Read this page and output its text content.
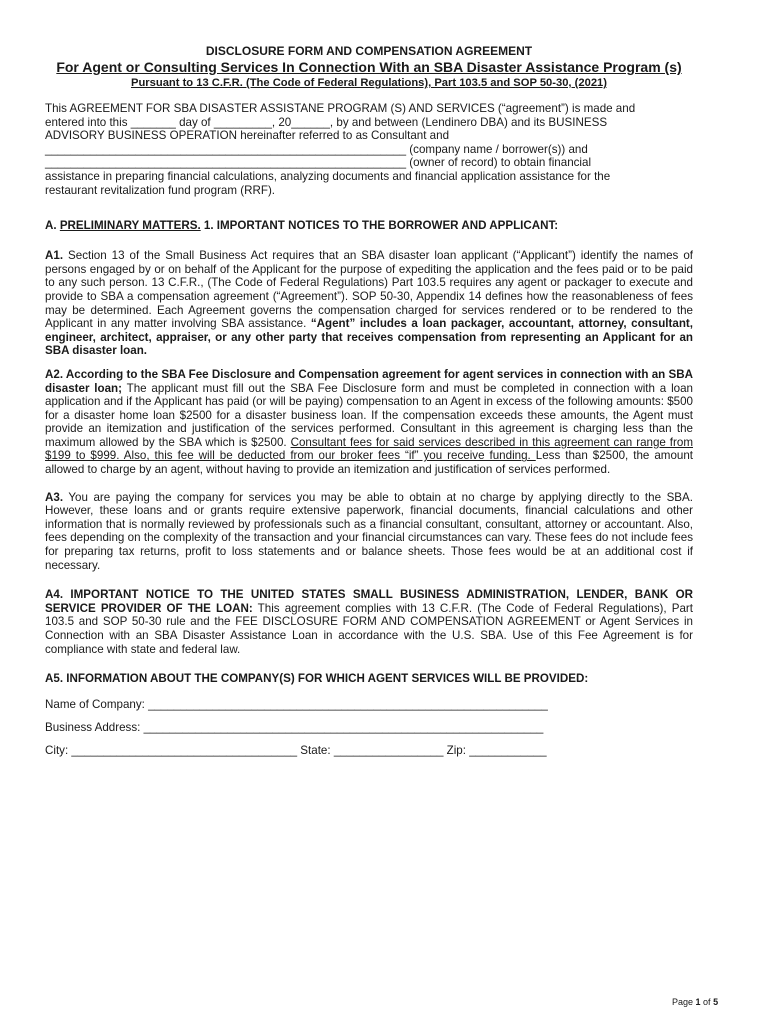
DISCLOSURE FORM AND COMPENSATION AGREEMENT
For Agent or Consulting Services In Connection With an SBA Disaster Assistance Program (s)
Pursuant to 13 C.F.R. (The Code of Federal Regulations), Part 103.5 and SOP 50-30, (2021)

This AGREEMENT FOR SBA DISASTER ASSISTANE PROGRAM (S) AND SERVICES (“agreement”) is made and
entered into this _______ day of _________, 20______, by and between (Lendinero DBA) and its BUSINESS
ADVISORY BUSINESS OPERATION hereinafter referred to as Consultant and
________________________________________________________ (company name / borrower(s)) and
________________________________________________________ (owner of record) to obtain financial
assistance in preparing financial calculations, analyzing documents and financial application assistance for the
restaurant revitalization fund program (RRF).

A. PRELIMINARY MATTERS. 1. IMPORTANT NOTICES TO THE BORROWER AND APPLICANT:

A1. Section 13 of the Small Business Act requires that an SBA disaster loan applicant (“Applicant”) identify the names of persons engaged by or on behalf of the Applicant for the purpose of expediting the application and the fees paid or to be paid to any such person. 13 C.F.R., (The Code of Federal Regulations) Part 103.5 requires any agent or packager to execute and provide to SBA a compensation agreement (“Agreement”). SOP 50-30, Appendix 14 defines how the reasonableness of fees may be determined. Each Agreement governs the compensation charged for services rendered or to be rendered to the Applicant in any matter involving SBA assistance. “Agent” includes a loan packager, accountant, attorney, consultant, engineer, architect, appraiser, or any other party that receives compensation from representing an Applicant for an SBA disaster loan.

A2. According to the SBA Fee Disclosure and Compensation agreement for agent services in connection with an SBA disaster loan; The applicant must fill out the SBA Fee Disclosure form and must be completed in connection with a loan application and if the Applicant has paid (or will be paying) compensation to an Agent in excess of the following amounts: $500 for a disaster home loan $2500 for a disaster business loan. If the compensation exceeds these amounts, the Agent must provide an itemization and justification of the services performed. Consultant in this agreement is charging less than the maximum allowed by the SBA which is $2500. Consultant fees for said services described in this agreement can range from $199 to $999. Also, this fee will be deducted from our broker fees “if” you receive funding. Less than $2500, the amount allowed to charge by an agent, without having to provide an itemization and justification of services performed.

A3. You are paying the company for services you may be able to obtain at no charge by applying directly to the SBA. However, these loans and or grants require extensive paperwork, financial documents, financial calculations and other information that is normally reviewed by professionals such as a financial consultant, consultant, attorney or accountant. Also, fees depending on the complexity of the transaction and your financial circumstances can vary. These fees do not include fees for preparing tax returns, profit to loss statements and or balance sheets. Those fees would be at an additional cost if necessary.

A4. IMPORTANT NOTICE TO THE UNITED STATES SMALL BUSINESS ADMINISTRATION, LENDER, BANK OR SERVICE PROVIDER OF THE LOAN: This agreement complies with 13 C.F.R. (The Code of Federal Regulations), Part 103.5 and SOP 50-30 rule and the FEE DISCLOSURE FORM AND COMPENSATION AGREEMENT or Agent Services in Connection with an SBA Disaster Assistance Loan in accordance with the U.S. SBA. Use of this Fee Agreement is for compliance with state and federal law.

A5. INFORMATION ABOUT THE COMPANY(S) FOR WHICH AGENT SERVICES WILL BE PROVIDED:
Name of Company: ______________________________________________________________
Business Address: ______________________________________________________________
City: ___________________________________ State: _________________ Zip: ____________
Page 1 of 5
